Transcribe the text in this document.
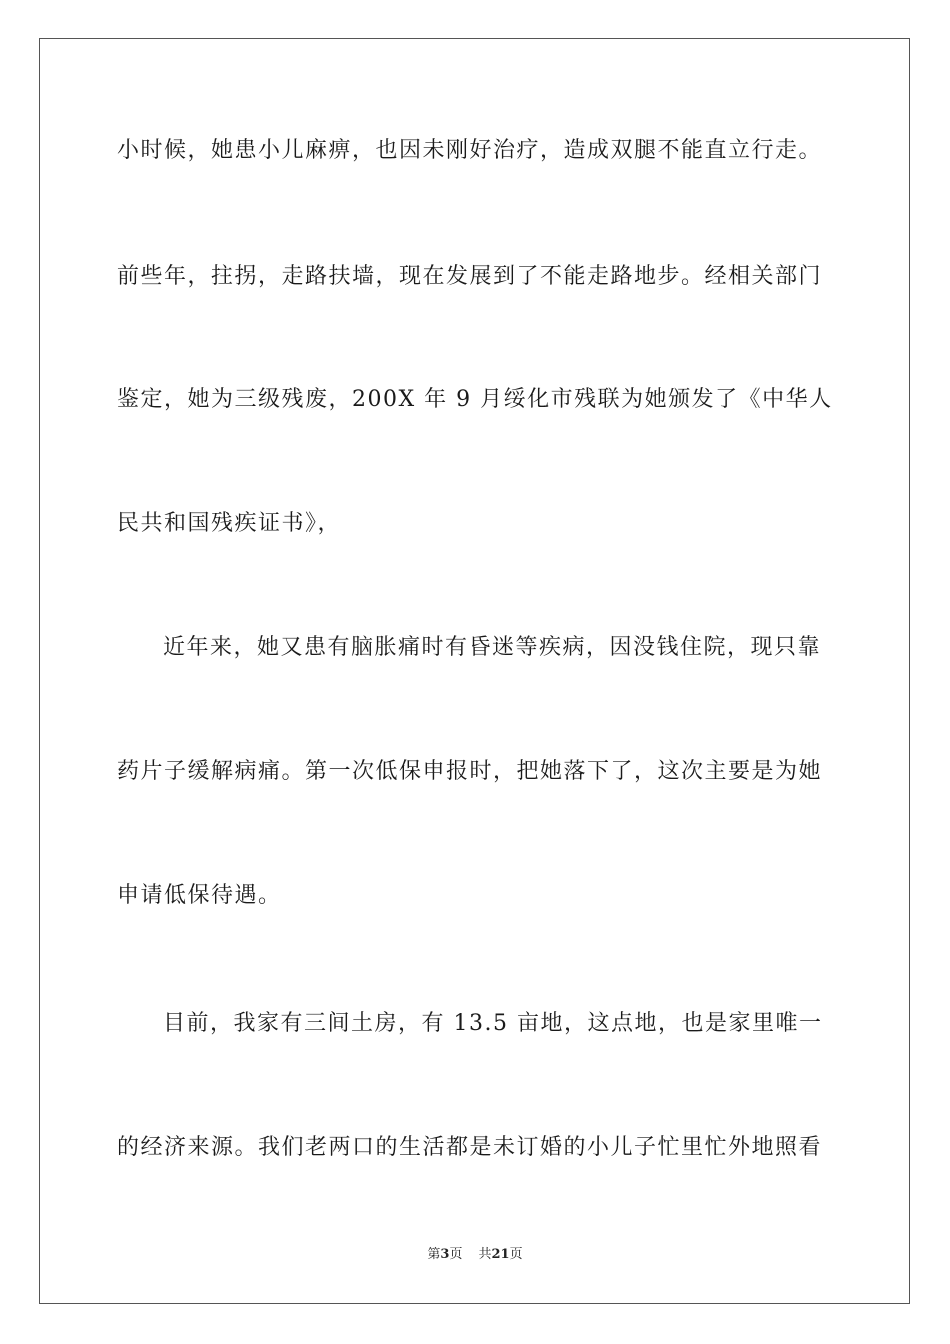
小时候，她患小儿麻痹，也因未刚好治疗，造成双腿不能直立行走。
前些年，拄拐，走路扶墙，现在发展到了不能走路地步。经相关部门
鉴定，她为三级残废，200X 年 9 月绥化市残联为她颁发了《中华人
民共和国残疾证书》，
近年来，她又患有脑胀痛时有昏迷等疾病，因没钱住院，现只靠
药片子缓解病痛。第一次低保申报时，把她落下了，这次主要是为她
申请低保待遇。
目前，我家有三间土房，有 13.5 亩地，这点地，也是家里唯一
的经济来源。我们老两口的生活都是未订婚的小儿子忙里忙外地照看
第3页 共21页
